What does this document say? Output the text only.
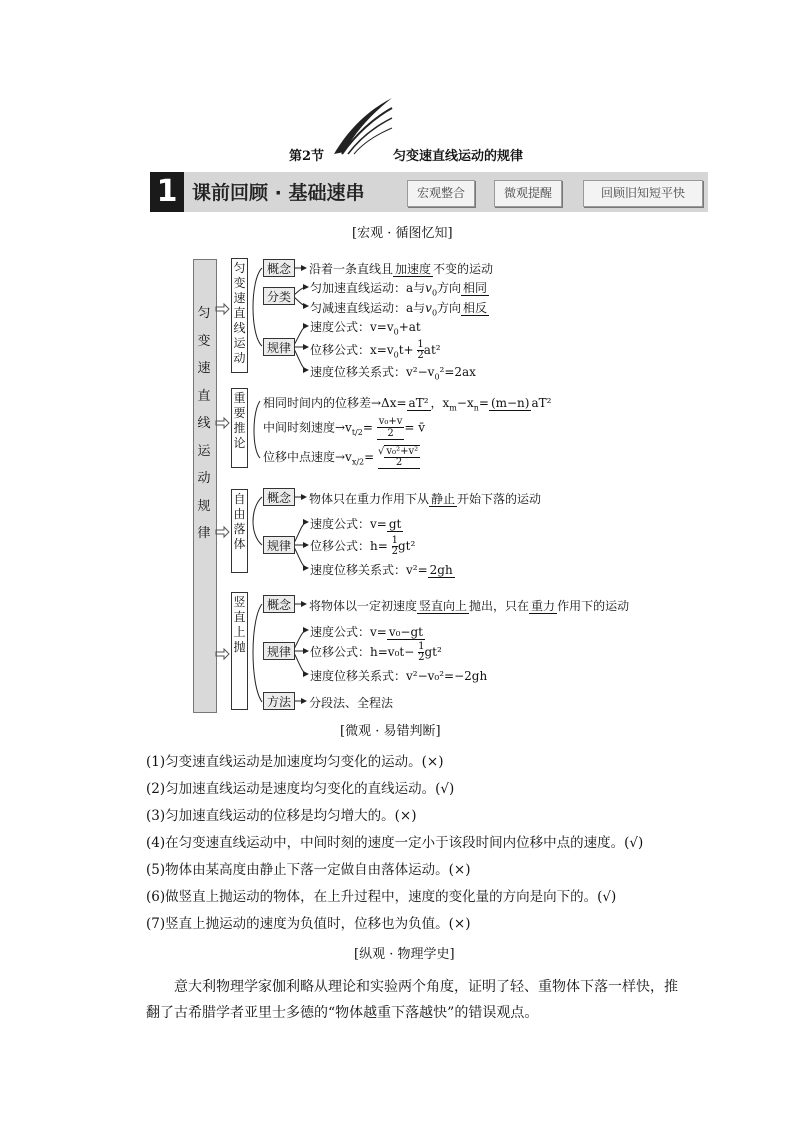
第2节	匀变速直线运动的规律
1 课前回顾 · 基础速串	宏观整合	微观提醒	回顾旧知短平快
[宏观 · 循图忆知]
匀
变
速
直
线
运
动
规
律
匀
变
速
直
线
运
动
概念	沿着一条直线且 加速度 不变的运动
分类
匀加速直线运动：a与$v_0$方向 相同
匀减速直线运动：a与$v_0$方向 相反
规律
速度公式：$v=v_0+at$
位移公式：$x=v_0t+ \frac{1}{2} at^2$
速度位移关系式：$v^2-v_0^2=2ax$
重
要
推
论
相同时间内的位移差→Δx= aT² ，$x_m-x_n= (m-n)$ aT²
中间时刻速度$\to v_{t/2}= \frac{\text{v₀+v}}{2}$ = v̄
位移中点速度$\to v_{x/2}=$ √ v₀²+v²
2
自
由
落
体
概念	物体只在重力作用下从 静止 开始下落的运动
规律
速度公式：v= gt
位移公式：$h= \frac{1}{2} gt^2$
速度位移关系式：v²= 2gh
竖
直
上
抛
概念	将物体以一定初速度 竖直向上 抛出，只在 重力 作用下的运动
规律
速度公式：v= v₀−gt
位移公式：$h=v_0t- \frac{1}{2} gt^2$
速度位移关系式：v²−v₀²=−2gh
方法	分段法、全程法
[微观 · 易错判断]
(1)匀变速直线运动是加速度均匀变化的运动。(×)
(2)匀加速直线运动是速度均匀变化的直线运动。(√)
(3)匀加速直线运动的位移是均匀增大的。(×)
(4)在匀变速直线运动中，中间时刻的速度一定小于该段时间内位移中点的速度。(√)
(5)物体由某高度由静止下落一定做自由落体运动。(×)
(6)做竖直上抛运动的物体，在上升过程中，速度的变化量的方向是向下的。(√)
(7)竖直上抛运动的速度为负值时，位移也为负值。(×)
[纵观 · 物理学史]
意大利物理学家伽利略从理论和实验两个角度，证明了轻、重物体下落一样快，推翻了古希腊学者亚里士多德的“物体越重下落越快”的错误观点。
